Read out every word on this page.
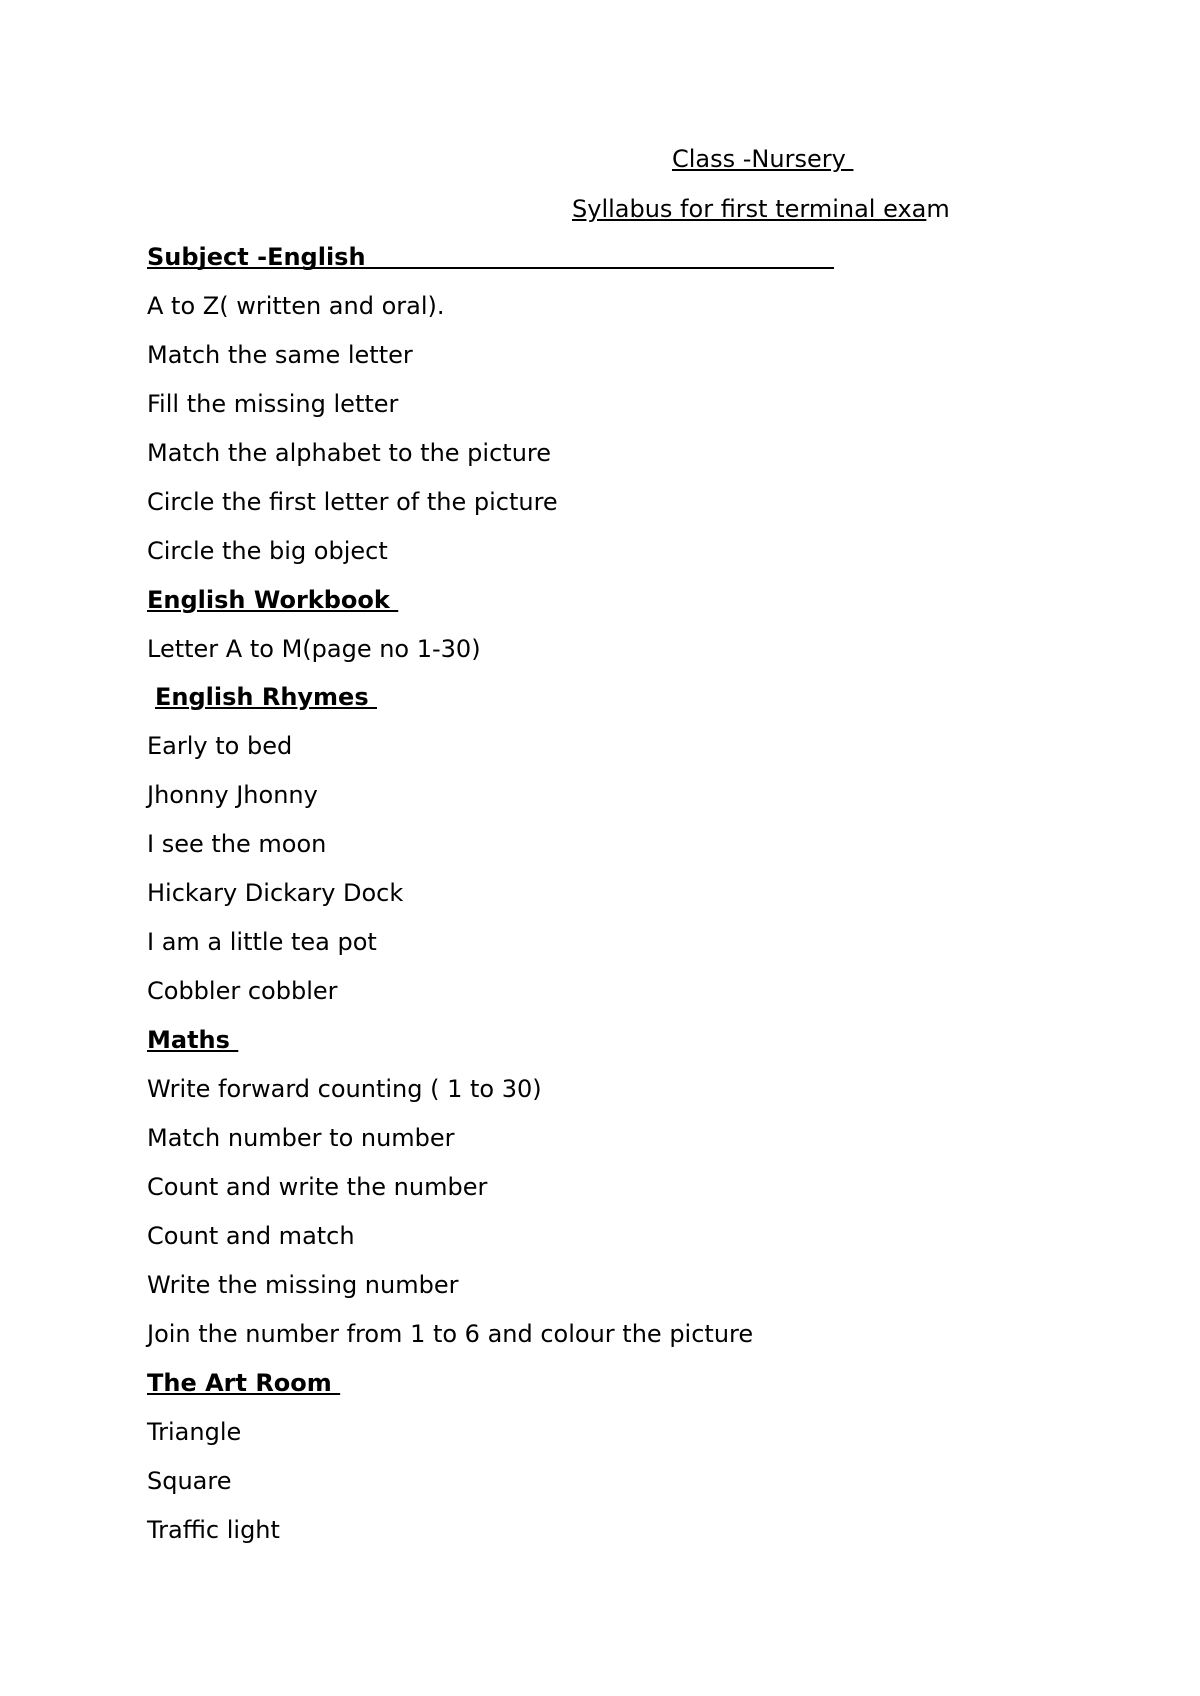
Class -Nursery

Syllabus for first terminal exam

Subject -English

A to Z( written and oral).

Match the same letter

Fill the missing letter

Match the alphabet to the picture

Circle the first letter of the picture

Circle the big object

English Workbook

Letter A to M(page no 1-30)

English Rhymes

Early to bed

Jhonny Jhonny

I see the moon

Hickary Dickary Dock

I am a little tea pot

Cobbler cobbler

Maths

Write forward counting ( 1 to 30)

Match number to number

Count and write the number

Count and match

Write the missing number

Join the number from 1 to 6 and colour the picture

The Art Room

Triangle

Square

Traffic light
